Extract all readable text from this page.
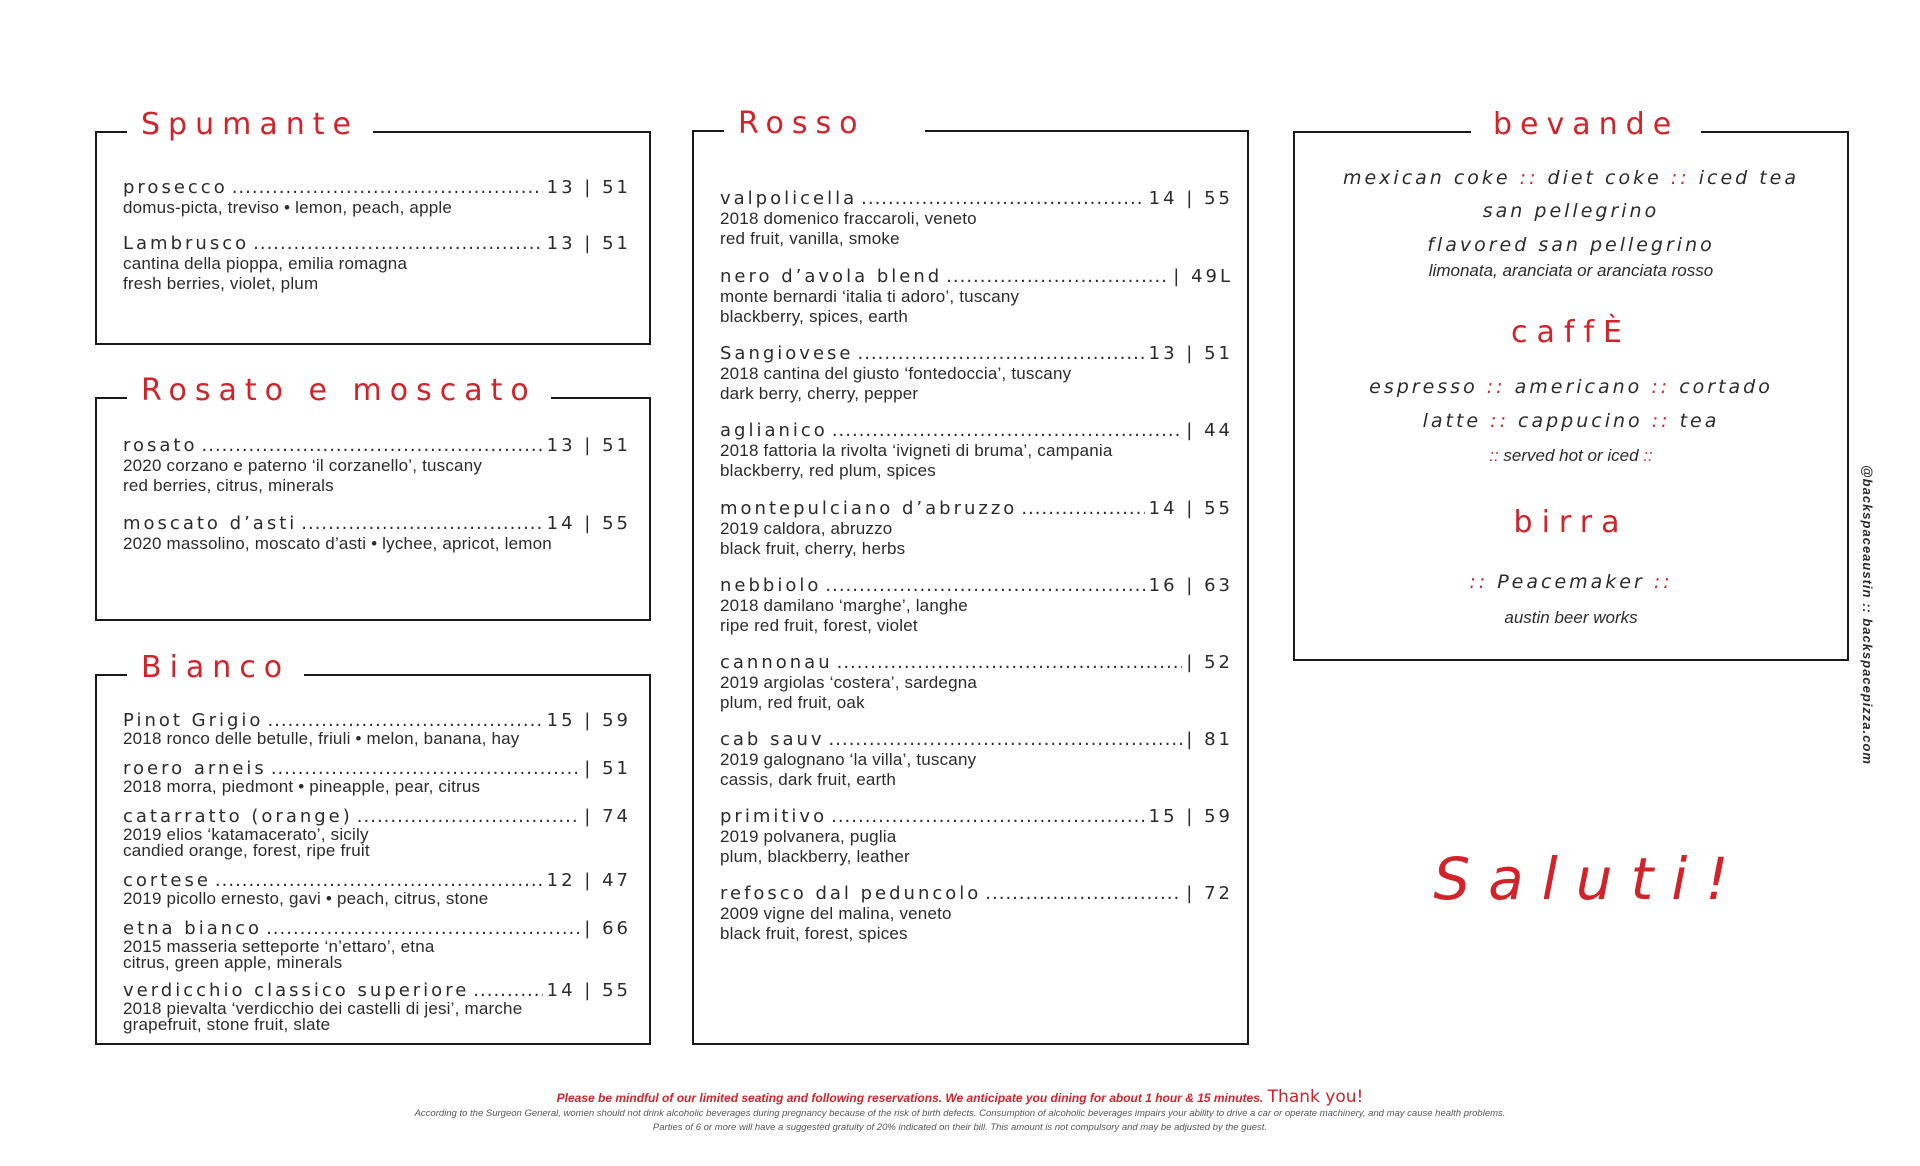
Spumante
prosecco .....	13 | 51
domus-picta, treviso • lemon, peach, apple
Lambrusco .....	13 | 51
cantina della pioppa, emilia romagna
fresh berries, violet, plum
Rosato e moscato
rosato .....	13 | 51
2020 corzano e paterno ‘il corzanello’, tuscany
red berries, citrus, minerals
moscato d’asti .....	14 | 55
2020 massolino, moscato d’asti • lychee, apricot, lemon
Bianco
Pinot Grigio .....	15 | 59
2018 ronco delle betulle, friuli • melon, banana, hay
roero arneis .....	| 51
2018 morra, piedmont • pineapple, pear, citrus
catarratto (orange) .....	| 74
2019 elios ‘katamacerato’, sicily
candied orange, forest, ripe fruit
cortese .....	12 | 47
2019 picollo ernesto, gavi • peach, citrus, stone
etna bianco .....	| 66
2015 masseria setteporte ‘n’ettaro’, etna
citrus, green apple, minerals
verdicchio classico superiore .....	14 | 55
2018 pievalta ‘verdicchio dei castelli di jesi’, marche
grapefruit, stone fruit, slate
Rosso
valpolicella .....	14 | 55
2018 domenico fraccaroli, veneto
red fruit, vanilla, smoke
nero d’avola blend .....	| 49L
monte bernardi ‘italia ti adoro’, tuscany
blackberry, spices, earth
Sangiovese .....	13 | 51
2018 cantina del giusto ‘fontedoccia’, tuscany
dark berry, cherry, pepper
aglianico .....	| 44
2018 fattoria la rivolta ‘ivigneti di bruma’, campania
blackberry, red plum, spices
montepulciano d’abruzzo .....	14 | 55
2019 caldora, abruzzo
black fruit, cherry, herbs
nebbiolo .....	16 | 63
2018 damilano ‘marghe’, langhe
ripe red fruit, forest, violet
cannonau .....	| 52
2019 argiolas ‘costera’, sardegna
plum, red fruit, oak
cab sauv .....	| 81
2019 galognano ‘la villa’, tuscany
cassis, dark fruit, earth
primitivo .....	15 | 59
2019 polvanera, puglia
plum, blackberry, leather
refosco dal peduncolo .....	| 72
2009 vigne del malina, veneto
black fruit, forest, spices
bevande
mexican coke :: diet coke :: iced tea
san pellegrino
flavored san pellegrino
limonata, aranciata or aranciata rosso
caffÈ
espresso :: americano :: cortado
latte :: cappucino :: tea
:: served hot or iced ::
birra
:: Peacemaker ::
austin beer works	@backspaceaustin :: backspacepizza.com
Saluti!
Please be mindful of our limited seating and following reservations. We anticipate you dining for about 1 hour & 15 minutes. Thank you!
According to the Surgeon General, women should not drink alcoholic beverages during pregnancy because of the risk of birth defects. Consumption of alcoholic beverages impairs your ability to drive a car or operate machinery, and may cause health problems.
Parties of 6 or more will have a suggested gratuity of 20% indicated on their bill. This amount is not compulsory and may be adjusted by the guest.
